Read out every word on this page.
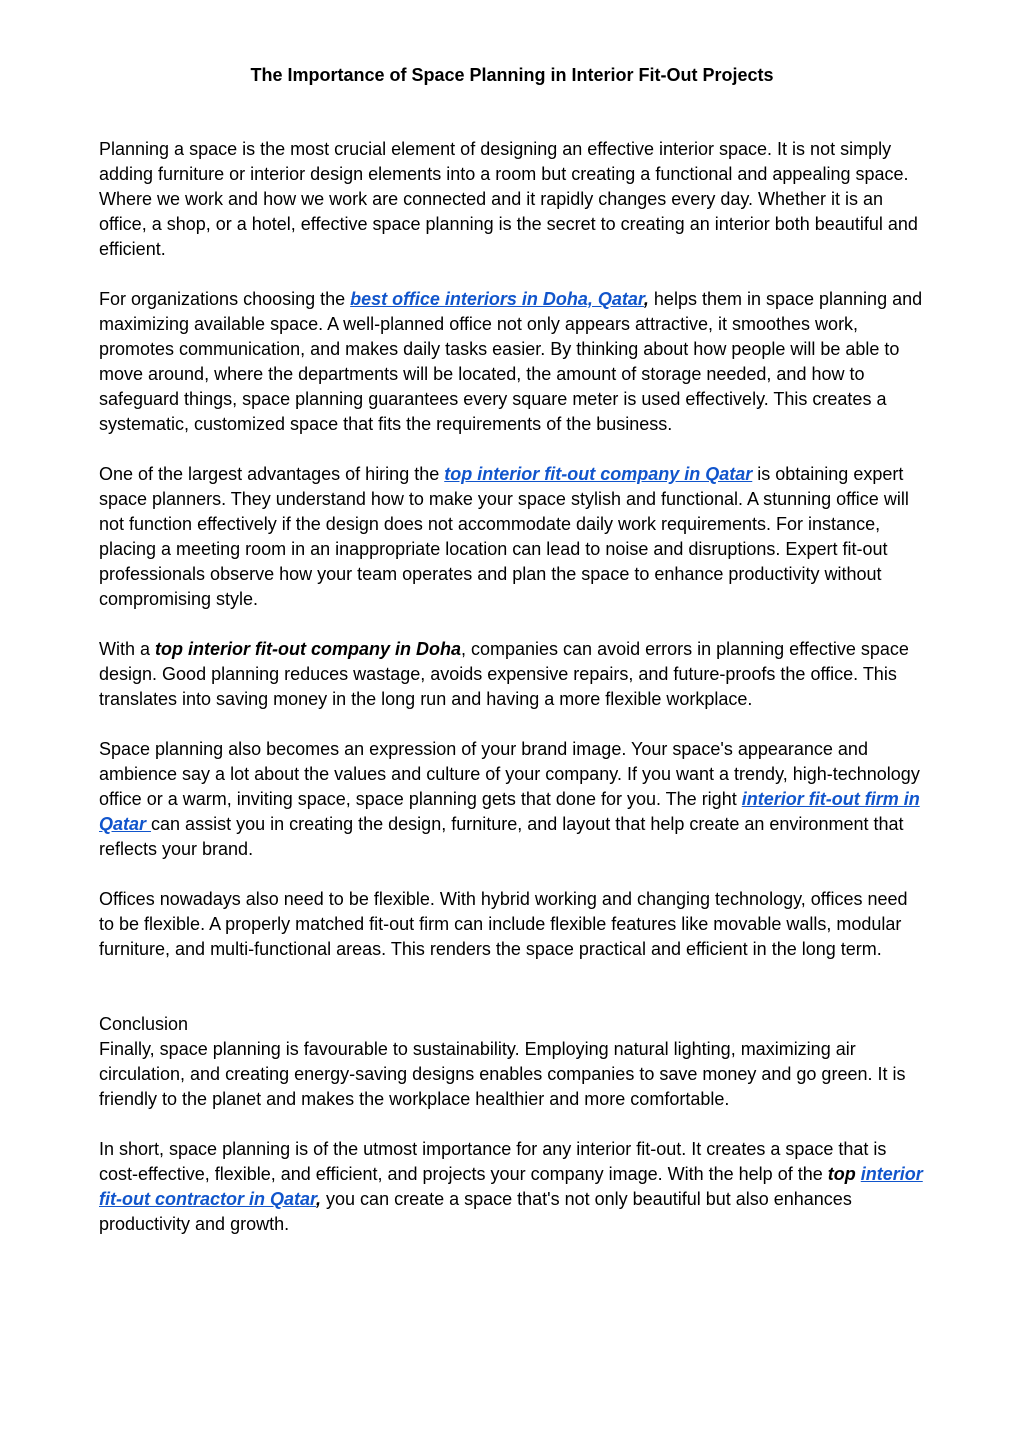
The Importance of Space Planning in Interior Fit-Out Projects

Planning a space is the most crucial element of designing an effective interior space. It is not simply adding furniture or interior design elements into a room but creating a functional and appealing space. Where we work and how we work are connected and it rapidly changes every day. Whether it is an office, a shop, or a hotel, effective space planning is the secret to creating an interior both beautiful and efficient.

For organizations choosing the best office interiors in Doha, Qatar, helps them in space planning and maximizing available space. A well-planned office not only appears attractive, it smoothes work, promotes communication, and makes daily tasks easier. By thinking about how people will be able to move around, where the departments will be located, the amount of storage needed, and how to safeguard things, space planning guarantees every square meter is used effectively. This creates a systematic, customized space that fits the requirements of the business.

One of the largest advantages of hiring the top interior fit-out company in Qatar is obtaining expert space planners. They understand how to make your space stylish and functional. A stunning office will not function effectively if the design does not accommodate daily work requirements. For instance, placing a meeting room in an inappropriate location can lead to noise and disruptions. Expert fit-out professionals observe how your team operates and plan the space to enhance productivity without compromising style.

With a top interior fit-out company in Doha, companies can avoid errors in planning effective space design. Good planning reduces wastage, avoids expensive repairs, and future-proofs the office. This translates into saving money in the long run and having a more flexible workplace.

Space planning also becomes an expression of your brand image. Your space's appearance and ambience say a lot about the values and culture of your company. If you want a trendy, high-technology office or a warm, inviting space, space planning gets that done for you. The right interior fit-out firm in Qatar can assist you in creating the design, furniture, and layout that help create an environment that reflects your brand.

Offices nowadays also need to be flexible. With hybrid working and changing technology, offices need to be flexible. A properly matched fit-out firm can include flexible features like movable walls, modular furniture, and multi-functional areas. This renders the space practical and efficient in the long term.

Conclusion

Finally, space planning is favourable to sustainability. Employing natural lighting, maximizing air circulation, and creating energy-saving designs enables companies to save money and go green. It is friendly to the planet and makes the workplace healthier and more comfortable.

In short, space planning is of the utmost importance for any interior fit-out. It creates a space that is cost-effective, flexible, and efficient, and projects your company image. With the help of the top interior fit-out contractor in Qatar, you can create a space that's not only beautiful but also enhances productivity and growth.
